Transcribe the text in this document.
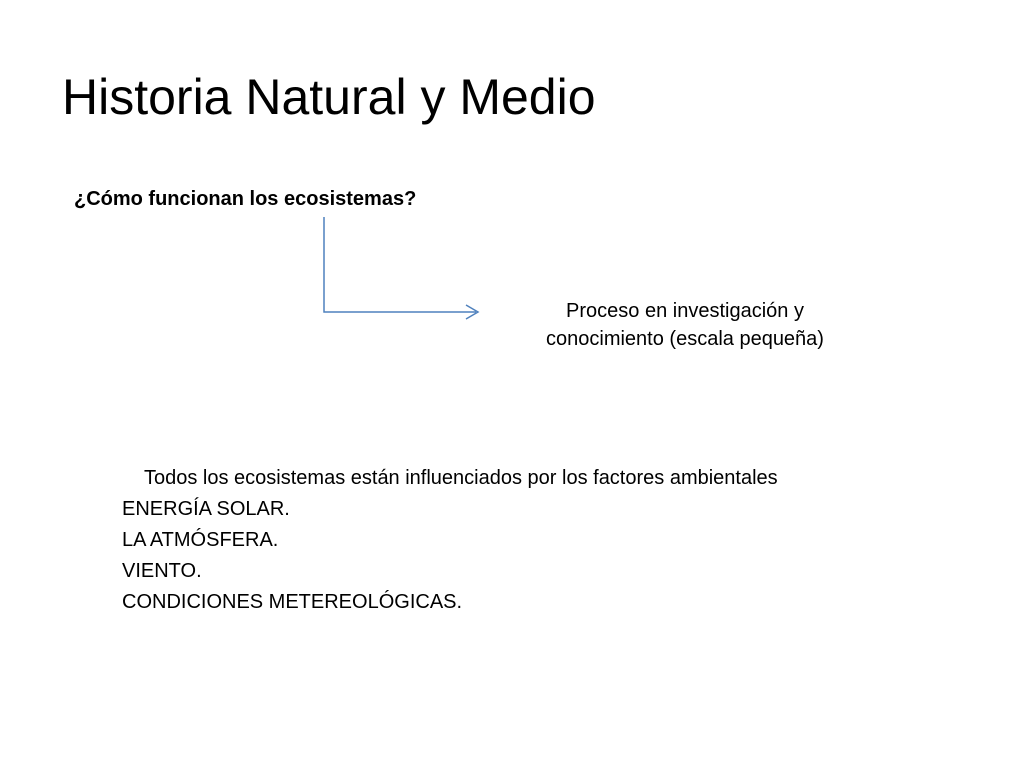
Historia Natural y Medio
¿Cómo funcionan los ecosistemas?
Proceso en investigación y
conocimiento (escala pequeña)
Todos los ecosistemas están influenciados por los factores ambientales
ENERGÍA SOLAR.
LA ATMÓSFERA.
VIENTO.
CONDICIONES METEREOLÓGICAS.
